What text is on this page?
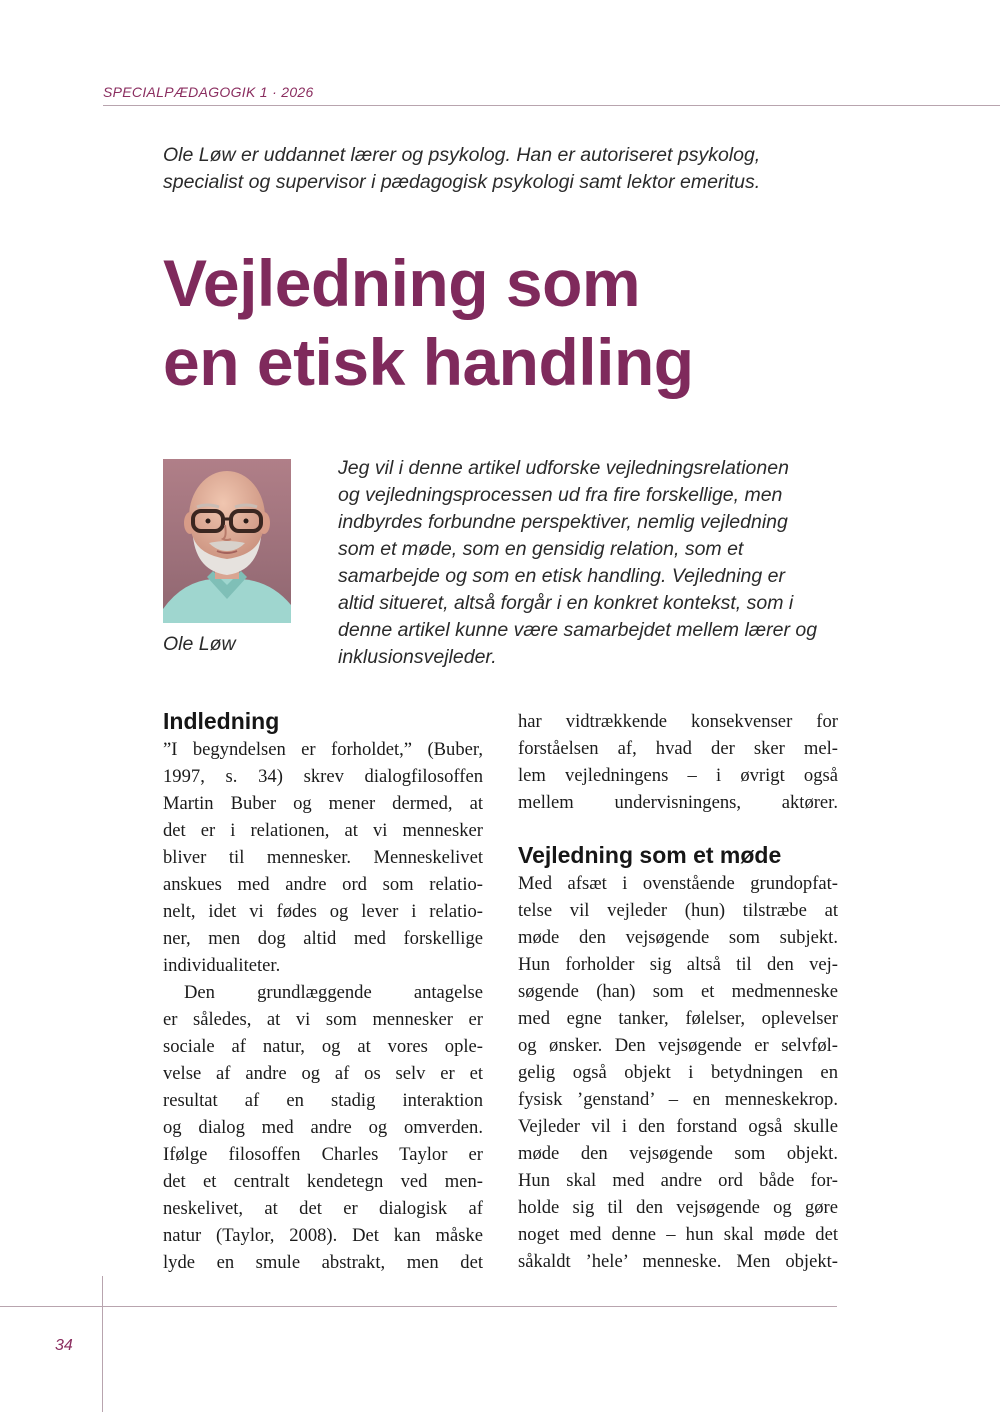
SPECIALPÆDAGOGIK 1 · 2026
Ole Løw er uddannet lærer og psykolog. Han er autoriseret psykolog,
specialist og supervisor i pædagogisk psykologi samt lektor emeritus.
Vejledning som
en etisk handling
Ole Løw
Jeg vil i denne artikel udforske vejledningsrelationen
og vejledningsprocessen ud fra fire forskellige, men
indbyrdes forbundne perspektiver, nemlig vejledning
som et møde, som en gensidig relation, som et
samarbejde og som en etisk handling. Vejledning er
altid situeret, altså forgår i en konkret kontekst, som i
denne artikel kunne være samarbejdet mellem lærer og
inklusionsvejleder.
Indledning
”I begyndelsen er forholdet,” (Buber,
1997, s. 34) skrev dialogfilosoffen
Martin Buber og mener dermed, at
det er i relationen, at vi mennesker
bliver til mennesker. Menneskelivet
anskues med andre ord som relatio-
nelt, idet vi fødes og lever i relatio-
ner, men dog altid med forskellige
individualiteter.
Den grundlæggende antagelse
er således, at vi som mennesker er
sociale af natur, og at vores ople-
velse af andre og af os selv er et
resultat af en stadig interaktion
og dialog med andre og omverden.
Ifølge filosoffen Charles Taylor er
det et centralt kendetegn ved men-
neskelivet, at det er dialogisk af
natur (Taylor, 2008). Det kan måske
lyde en smule abstrakt, men det
har vidtrækkende konsekvenser for
forståelsen af, hvad der sker mel-
lem vejledningens – i øvrigt også
mellem undervisningens, aktører.
Vejledning som et møde
Med afsæt i ovenstående grundopfat-
telse vil vejleder (hun) tilstræbe at
møde den vejsøgende som subjekt.
Hun forholder sig altså til den vej-
søgende (han) som et medmenneske
med egne tanker, følelser, oplevelser
og ønsker. Den vejsøgende er selvføl-
gelig også objekt i betydningen en
fysisk ’genstand’ – en menneskekrop.
Vejleder vil i den forstand også skulle
møde den vejsøgende som objekt.
Hun skal med andre ord både for-
holde sig til den vejsøgende og gøre
noget med denne – hun skal møde det
såkaldt ’hele’ menneske. Men objekt-
34
